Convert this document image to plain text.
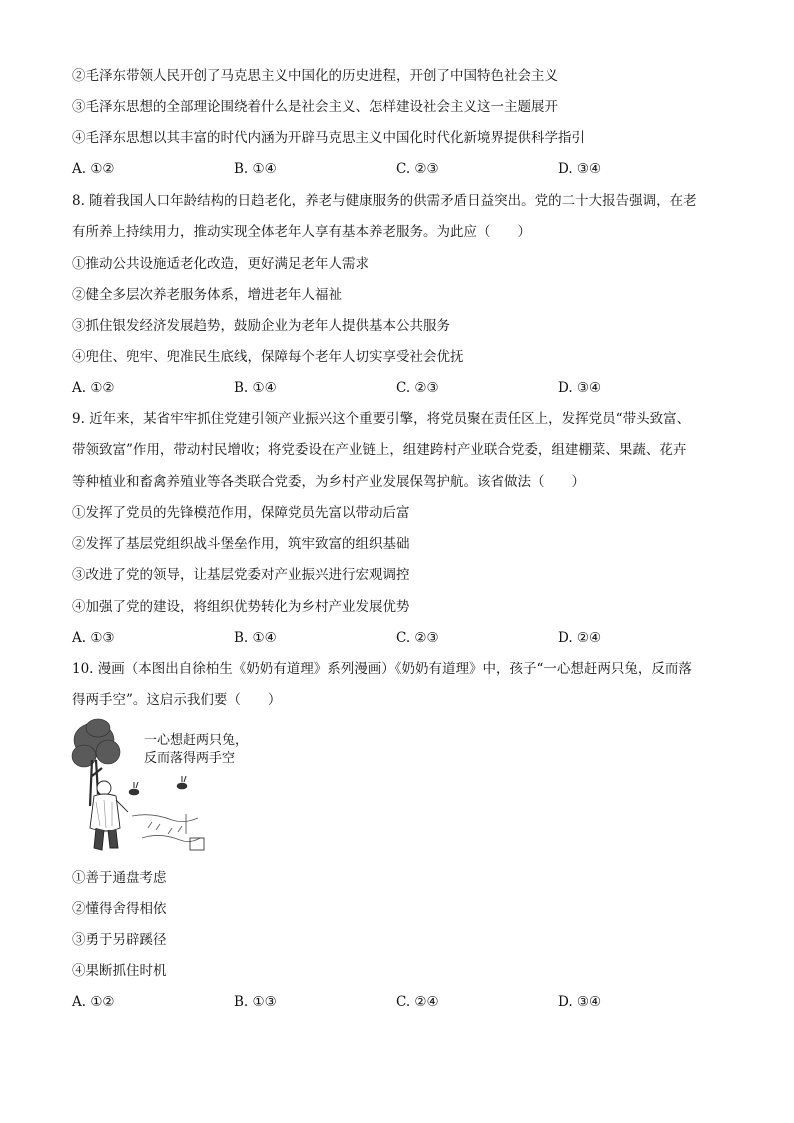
②毛泽东带领人民开创了马克思主义中国化的历史进程，开创了中国特色社会主义
③毛泽东思想的全部理论围绕着什么是社会主义、怎样建设社会主义这一主题展开
④毛泽东思想以其丰富的时代内涵为开辟马克思主义中国化时代化新境界提供科学指引
A. ①②	B. ①④	C. ②③	D. ③④
8. 随着我国人口年龄结构的日趋老化，养老与健康服务的供需矛盾日益突出。党的二十大报告强调，在老
有所养上持续用力，推动实现全体老年人享有基本养老服务。为此应（　　）
①推动公共设施适老化改造，更好满足老年人需求
②健全多层次养老服务体系，增进老年人福祉
③抓住银发经济发展趋势，鼓励企业为老年人提供基本公共服务
④兜住、兜牢、兜准民生底线，保障每个老年人切实享受社会优抚
A. ①②	B. ①④	C. ②③	D. ③④
9. 近年来，某省牢牢抓住党建引领产业振兴这个重要引擎，将党员聚在责任区上，发挥党员“带头致富、
带领致富”作用，带动村民增收；将党委设在产业链上，组建跨村产业联合党委，组建棚菜、果蔬、花卉
等种植业和畜禽养殖业等各类联合党委，为乡村产业发展保驾护航。该省做法（　　）
①发挥了党员的先锋模范作用，保障党员先富以带动后富
②发挥了基层党组织战斗堡垒作用，筑牢致富的组织基础
③改进了党的领导，让基层党委对产业振兴进行宏观调控
④加强了党的建设，将组织优势转化为乡村产业发展优势
A. ①③	B. ①④	C. ②③	D. ②④
10. 漫画（本图出自徐柏生《奶奶有道理》系列漫画）《奶奶有道理》中，孩子“一心想赶两只兔，反而落
得两手空”。这启示我们要（　　）
一心想赶两只兔，
反而落得两手空
①善于通盘考虑
②懂得舍得相依
③勇于另辟蹊径
④果断抓住时机
A. ①②	B. ①③	C. ②④	D. ③④
